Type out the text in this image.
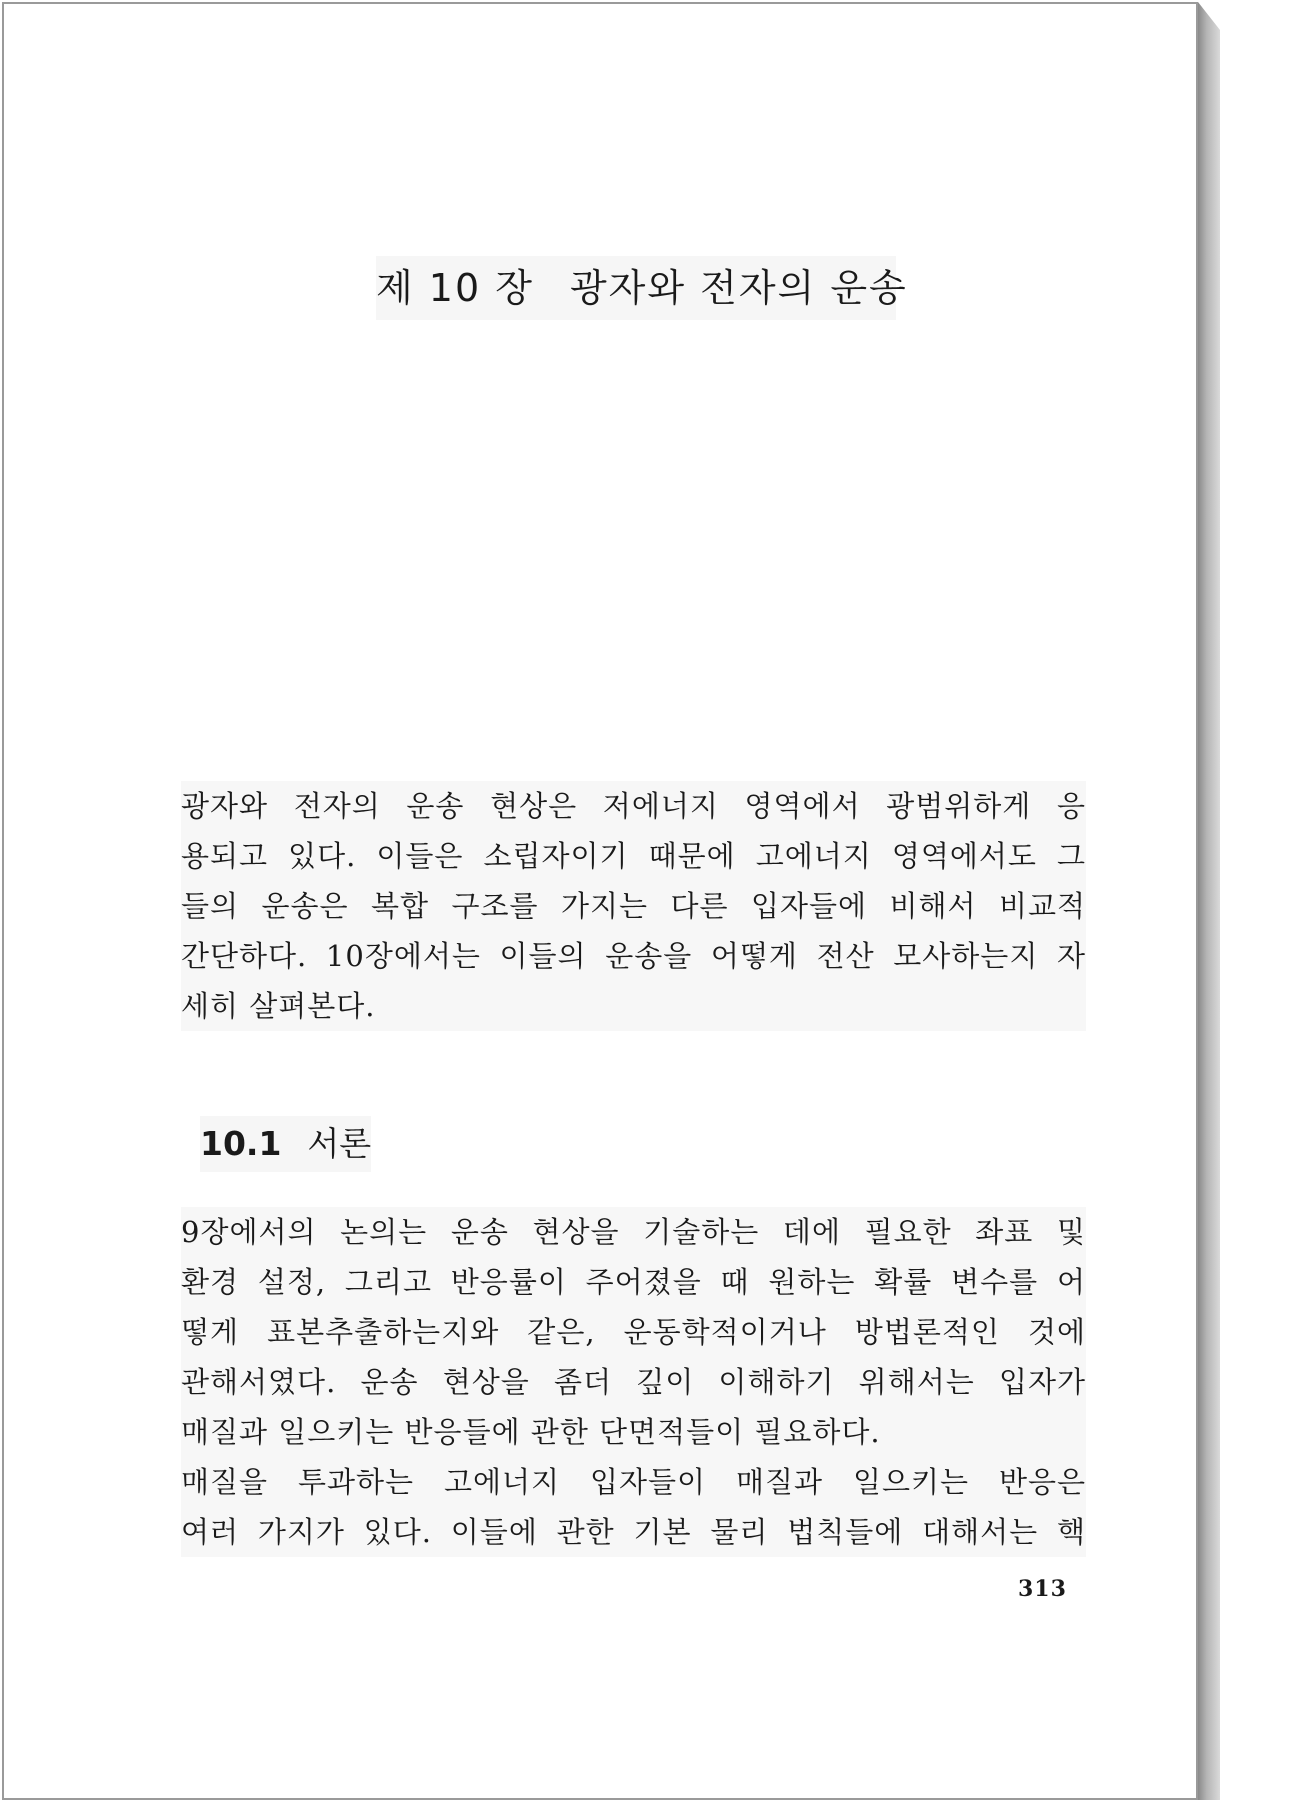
제 10 장 광자와 전자의 운송
광자와 전자의 운송 현상은 저에너지 영역에서 광범위하게 응
용되고 있다. 이들은 소립자이기 때문에 고에너지 영역에서도 그
들의 운송은 복합 구조를 가지는 다른 입자들에 비해서 비교적
간단하다. 10장에서는 이들의 운송을 어떻게 전산 모사하는지 자
세히 살펴본다.
10.1 서론
9장에서의 논의는 운송 현상을 기술하는 데에 필요한 좌표 및
환경 설정, 그리고 반응률이 주어졌을 때 원하는 확률 변수를 어
떻게 표본추출하는지와 같은, 운동학적이거나 방법론적인 것에
관해서였다. 운송 현상을 좀더 깊이 이해하기 위해서는 입자가
매질과 일으키는 반응들에 관한 단면적들이 필요하다.
매질을 투과하는 고에너지 입자들이 매질과 일으키는 반응은
여러 가지가 있다. 이들에 관한 기본 물리 법칙들에 대해서는 핵
313
